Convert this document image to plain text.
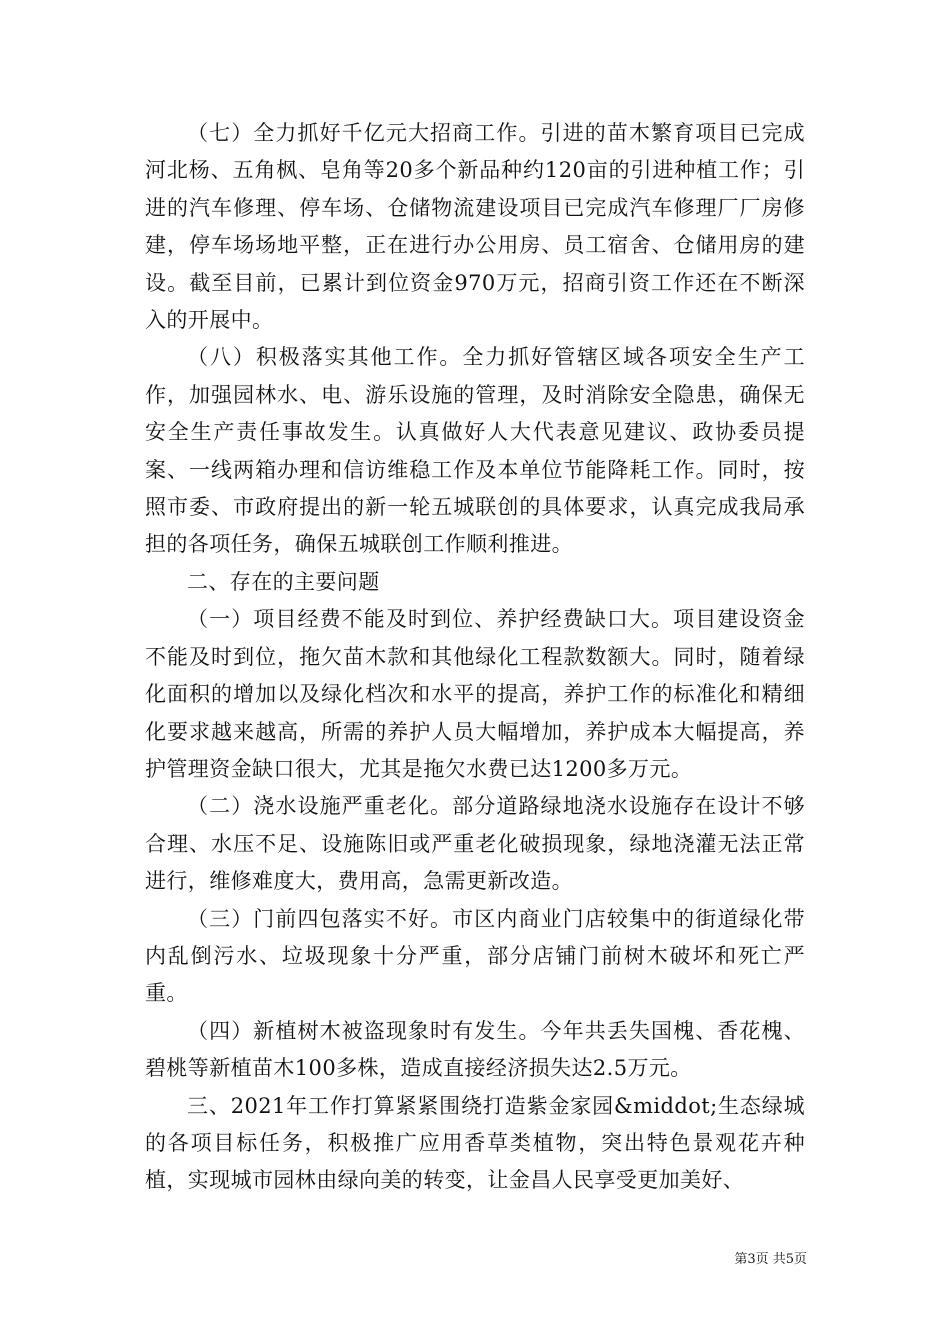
（七）全力抓好千亿元大招商工作。引进的苗木繁育项目已完成河北杨、五角枫、皂角等20多个新品种约120亩的引进种植工作；引进的汽车修理、停车场、仓储物流建设项目已完成汽车修理厂厂房修建，停车场场地平整，正在进行办公用房、员工宿舍、仓储用房的建设。截至目前，已累计到位资金970万元，招商引资工作还在不断深入的开展中。

（八）积极落实其他工作。全力抓好管辖区域各项安全生产工作，加强园林水、电、游乐设施的管理，及时消除安全隐患，确保无安全生产责任事故发生。认真做好人大代表意见建议、政协委员提案、一线两箱办理和信访维稳工作及本单位节能降耗工作。同时，按照市委、市政府提出的新一轮五城联创的具体要求，认真完成我局承担的各项任务，确保五城联创工作顺利推进。

二、存在的主要问题

（一）项目经费不能及时到位、养护经费缺口大。项目建设资金不能及时到位，拖欠苗木款和其他绿化工程款数额大。同时，随着绿化面积的增加以及绿化档次和水平的提高，养护工作的标准化和精细化要求越来越高，所需的养护人员大幅增加，养护成本大幅提高，养护管理资金缺口很大，尤其是拖欠水费已达1200多万元。

（二）浇水设施严重老化。部分道路绿地浇水设施存在设计不够合理、水压不足、设施陈旧或严重老化破损现象，绿地浇灌无法正常进行，维修难度大，费用高，急需更新改造。

（三）门前四包落实不好。市区内商业门店较集中的街道绿化带内乱倒污水、垃圾现象十分严重，部分店铺门前树木破坏和死亡严重。

（四）新植树木被盗现象时有发生。今年共丢失国槐、香花槐、碧桃等新植苗木100多株，造成直接经济损失达2.5万元。

三、2021年工作打算紧紧围绕打造紫金家园&middot;生态绿城的各项目标任务，积极推广应用香草类植物，突出特色景观花卉种植，实现城市园林由绿向美的转变，让金昌人民享受更加美好、

第3页 共5页
